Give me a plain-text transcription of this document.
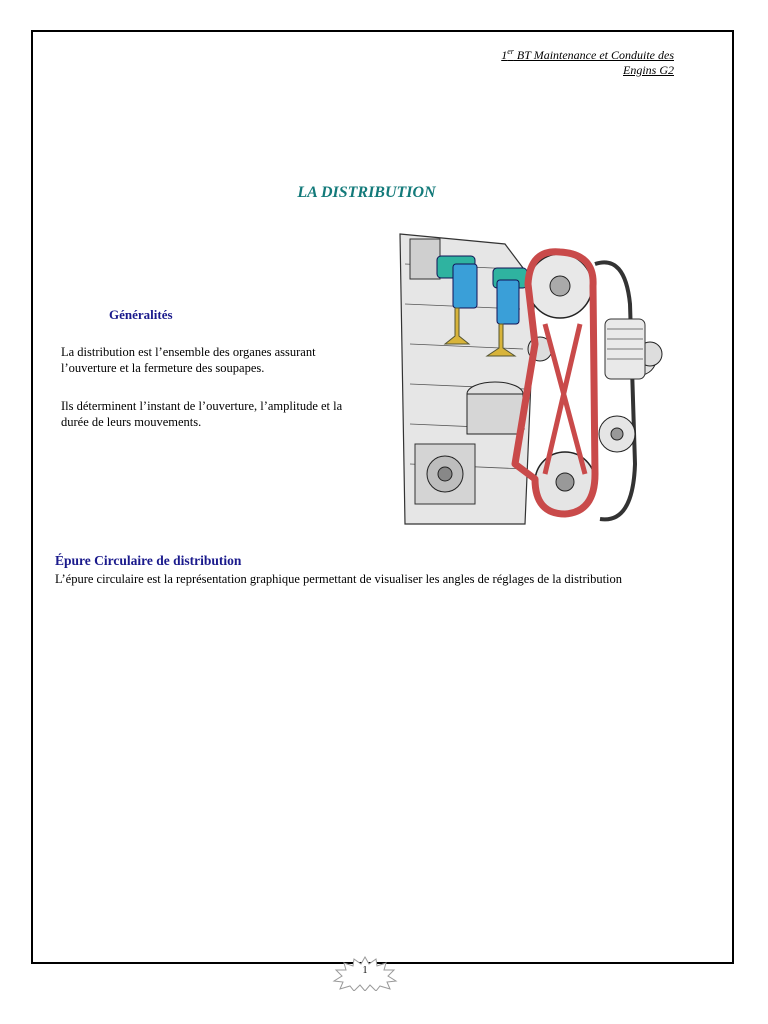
1er BT Maintenance et Conduite des
Engins G2
LA DISTRIBUTION
Généralités
La distribution est l’ensemble des organes assurant l’ouverture et la fermeture des soupapes.
Ils déterminent l’instant de l’ouverture, l’amplitude et la durée de leurs mouvements.
Épure Circulaire de distribution
L’épure circulaire est la représentation graphique permettant de visualiser les angles de réglages de la distribution
1
